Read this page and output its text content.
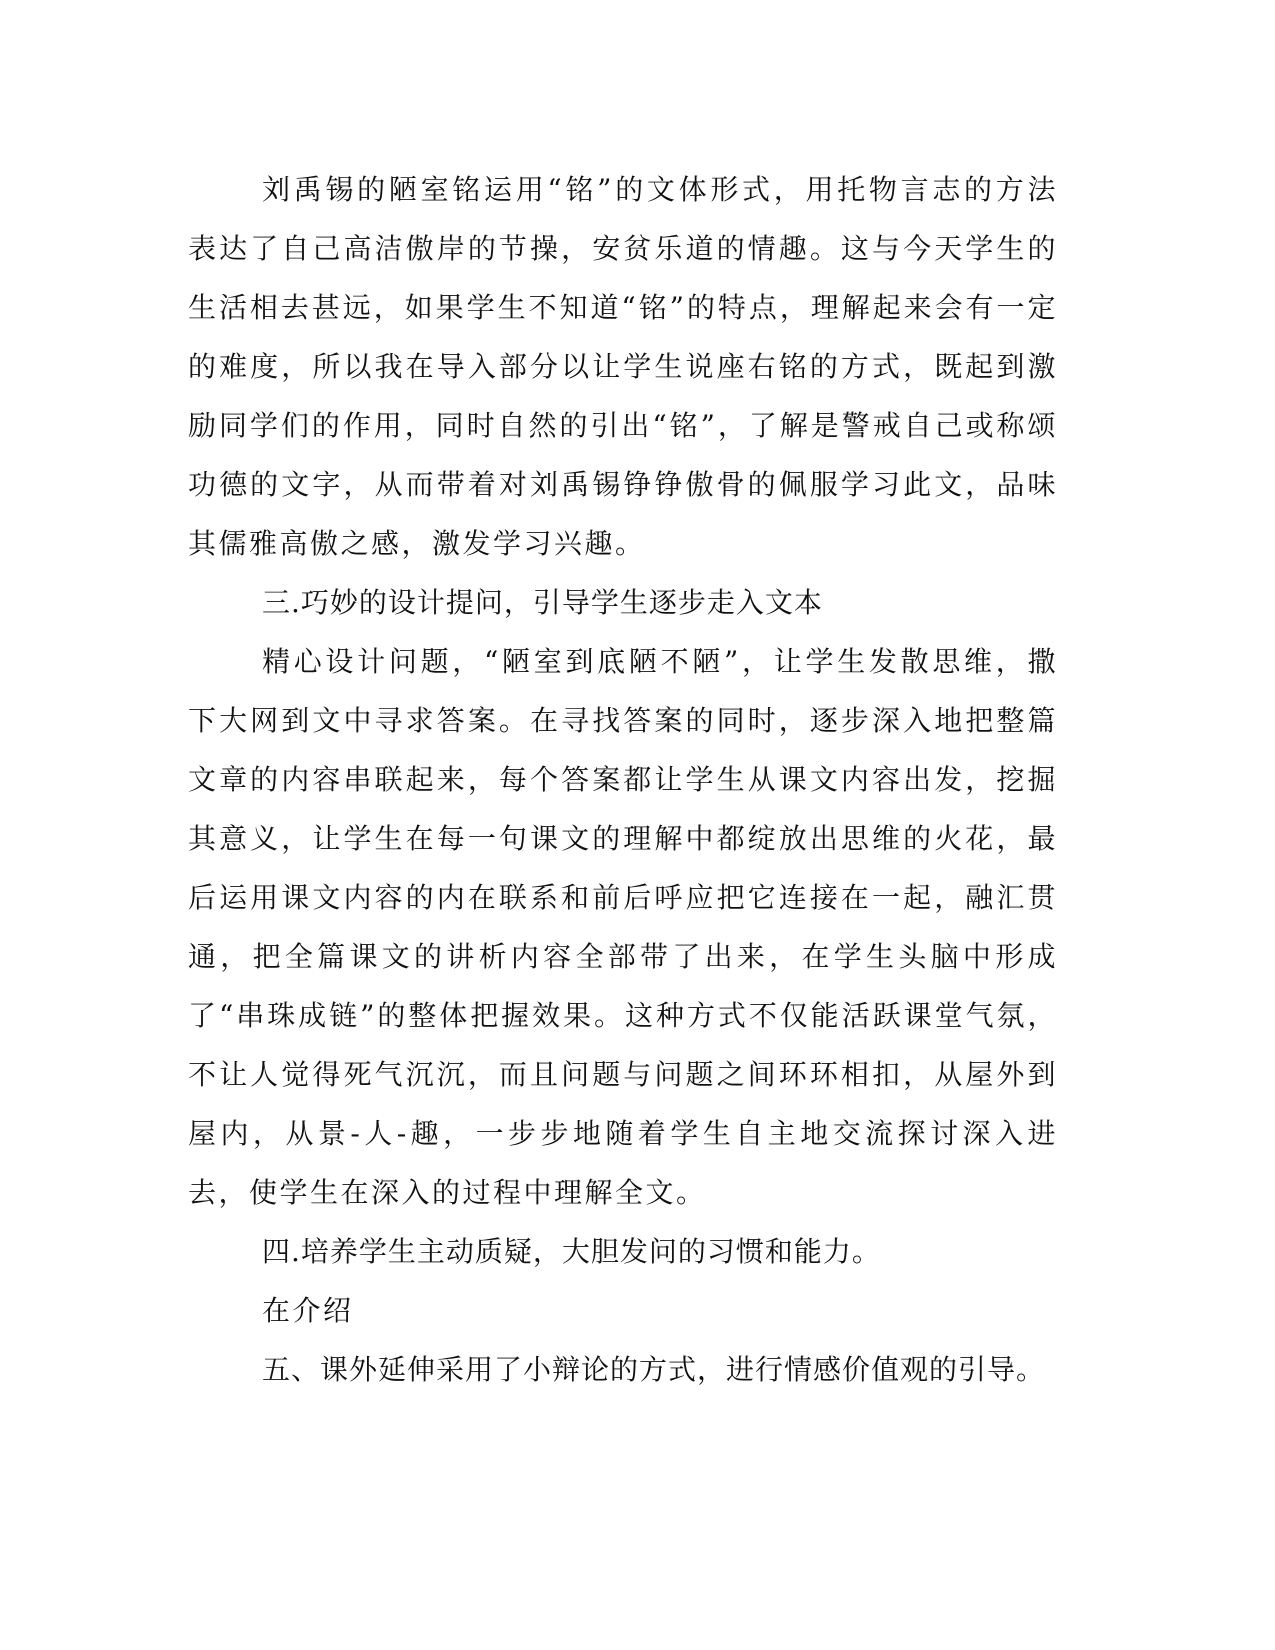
刘禹锡的陋室铭运用“铭”的文体形式，用托物言志的方法表达了自己高洁傲岸的节操，安贫乐道的情趣。这与今天学生的生活相去甚远，如果学生不知道“铭”的特点，理解起来会有一定的难度，所以我在导入部分以让学生说座右铭的方式，既起到激励同学们的作用，同时自然的引出“铭”，了解是警戒自己或称颂功德的文字，从而带着对刘禹锡铮铮傲骨的佩服学习此文，品味其儒雅高傲之感，激发学习兴趣。

三.巧妙的设计提问，引导学生逐步走入文本

精心设计问题，“陋室到底陋不陋”，让学生发散思维，撒下大网到文中寻求答案。在寻找答案的同时，逐步深入地把整篇文章的内容串联起来，每个答案都让学生从课文内容出发，挖掘其意义，让学生在每一句课文的理解中都绽放出思维的火花，最后运用课文内容的内在联系和前后呼应把它连接在一起，融汇贯通，把全篇课文的讲析内容全部带了出来，在学生头脑中形成了“串珠成链”的整体把握效果。这种方式不仅能活跃课堂气氛，不让人觉得死气沉沉，而且问题与问题之间环环相扣，从屋外到屋内，从景-人-趣，一步步地随着学生自主地交流探讨深入进去，使学生在深入的过程中理解全文。

四.培养学生主动质疑，大胆发问的习惯和能力。

在介绍

五、课外延伸采用了小辩论的方式，进行情感价值观的引导。
